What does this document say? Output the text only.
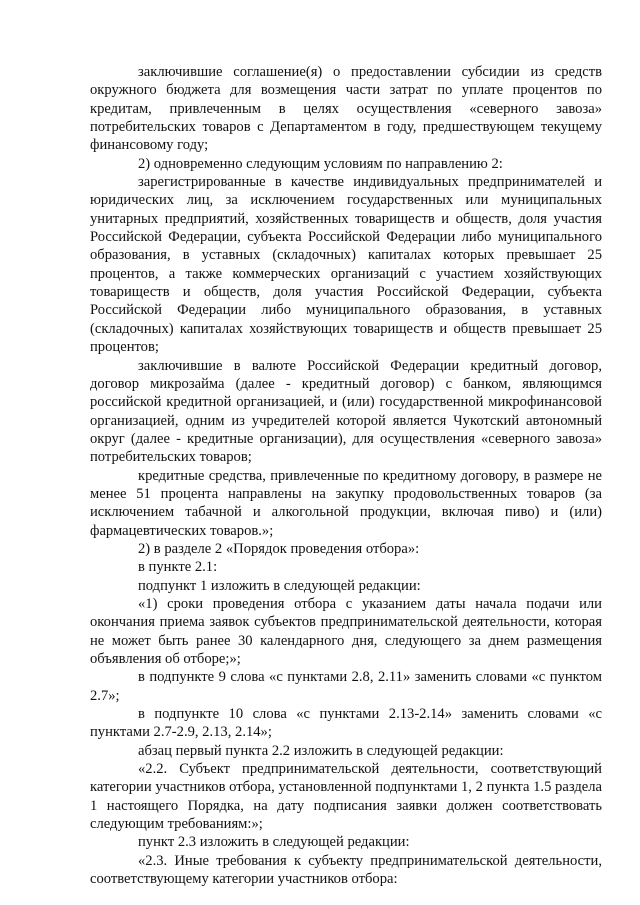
заключившие соглашение(я) о предоставлении субсидии из средств окружного бюджета для возмещения части затрат по уплате процентов по кредитам, привлеченным в целях осуществления «северного завоза» потребительских товаров с Департаментом в году, предшествующем текущему финансовому году;

2) одновременно следующим условиям по направлению 2:

зарегистрированные в качестве индивидуальных предпринимателей и юридических лиц, за исключением государственных или муниципальных унитарных предприятий, хозяйственных товариществ и обществ, доля участия Российской Федерации, субъекта Российской Федерации либо муниципального образования, в уставных (складочных) капиталах которых превышает 25 процентов, а также коммерческих организаций с участием хозяйствующих товариществ и обществ, доля участия Российской Федерации, субъекта Российской Федерации либо муниципального образования, в уставных (складочных) капиталах хозяйствующих товариществ и обществ превышает 25 процентов;

заключившие в валюте Российской Федерации кредитный договор, договор микрозайма (далее - кредитный договор) с банком, являющимся российской кредитной организацией, и (или) государственной микрофинансовой организацией, одним из учредителей которой является Чукотский автономный округ (далее - кредитные организации), для осуществления «северного завоза» потребительских товаров;

кредитные средства, привлеченные по кредитному договору, в размере не менее 51 процента направлены на закупку продовольственных товаров (за исключением табачной и алкогольной продукции, включая пиво) и (или) фармацевтических товаров.»;

2) в разделе 2 «Порядок проведения отбора»:

в пункте 2.1:

подпункт 1 изложить в следующей редакции:

«1) сроки проведения отбора с указанием даты начала подачи или окончания приема заявок субъектов предпринимательской деятельности, которая не может быть ранее 30 календарного дня, следующего за днем размещения объявления об отборе;»;

в подпункте 9 слова «с пунктами 2.8, 2.11» заменить словами «с пунктом 2.7»;

в подпункте 10 слова «с пунктами 2.13-2.14» заменить словами «с пунктами 2.7-2.9, 2.13, 2.14»;

абзац первый пункта 2.2 изложить в следующей редакции:

«2.2. Субъект предпринимательской деятельности, соответствующий категории участников отбора, установленной подпунктами 1, 2 пункта 1.5 раздела 1 настоящего Порядка, на дату подписания заявки должен соответствовать следующим требованиям:»;

пункт 2.3 изложить в следующей редакции:

«2.3. Иные требования к субъекту предпринимательской деятельности, соответствующему категории участников отбора:
